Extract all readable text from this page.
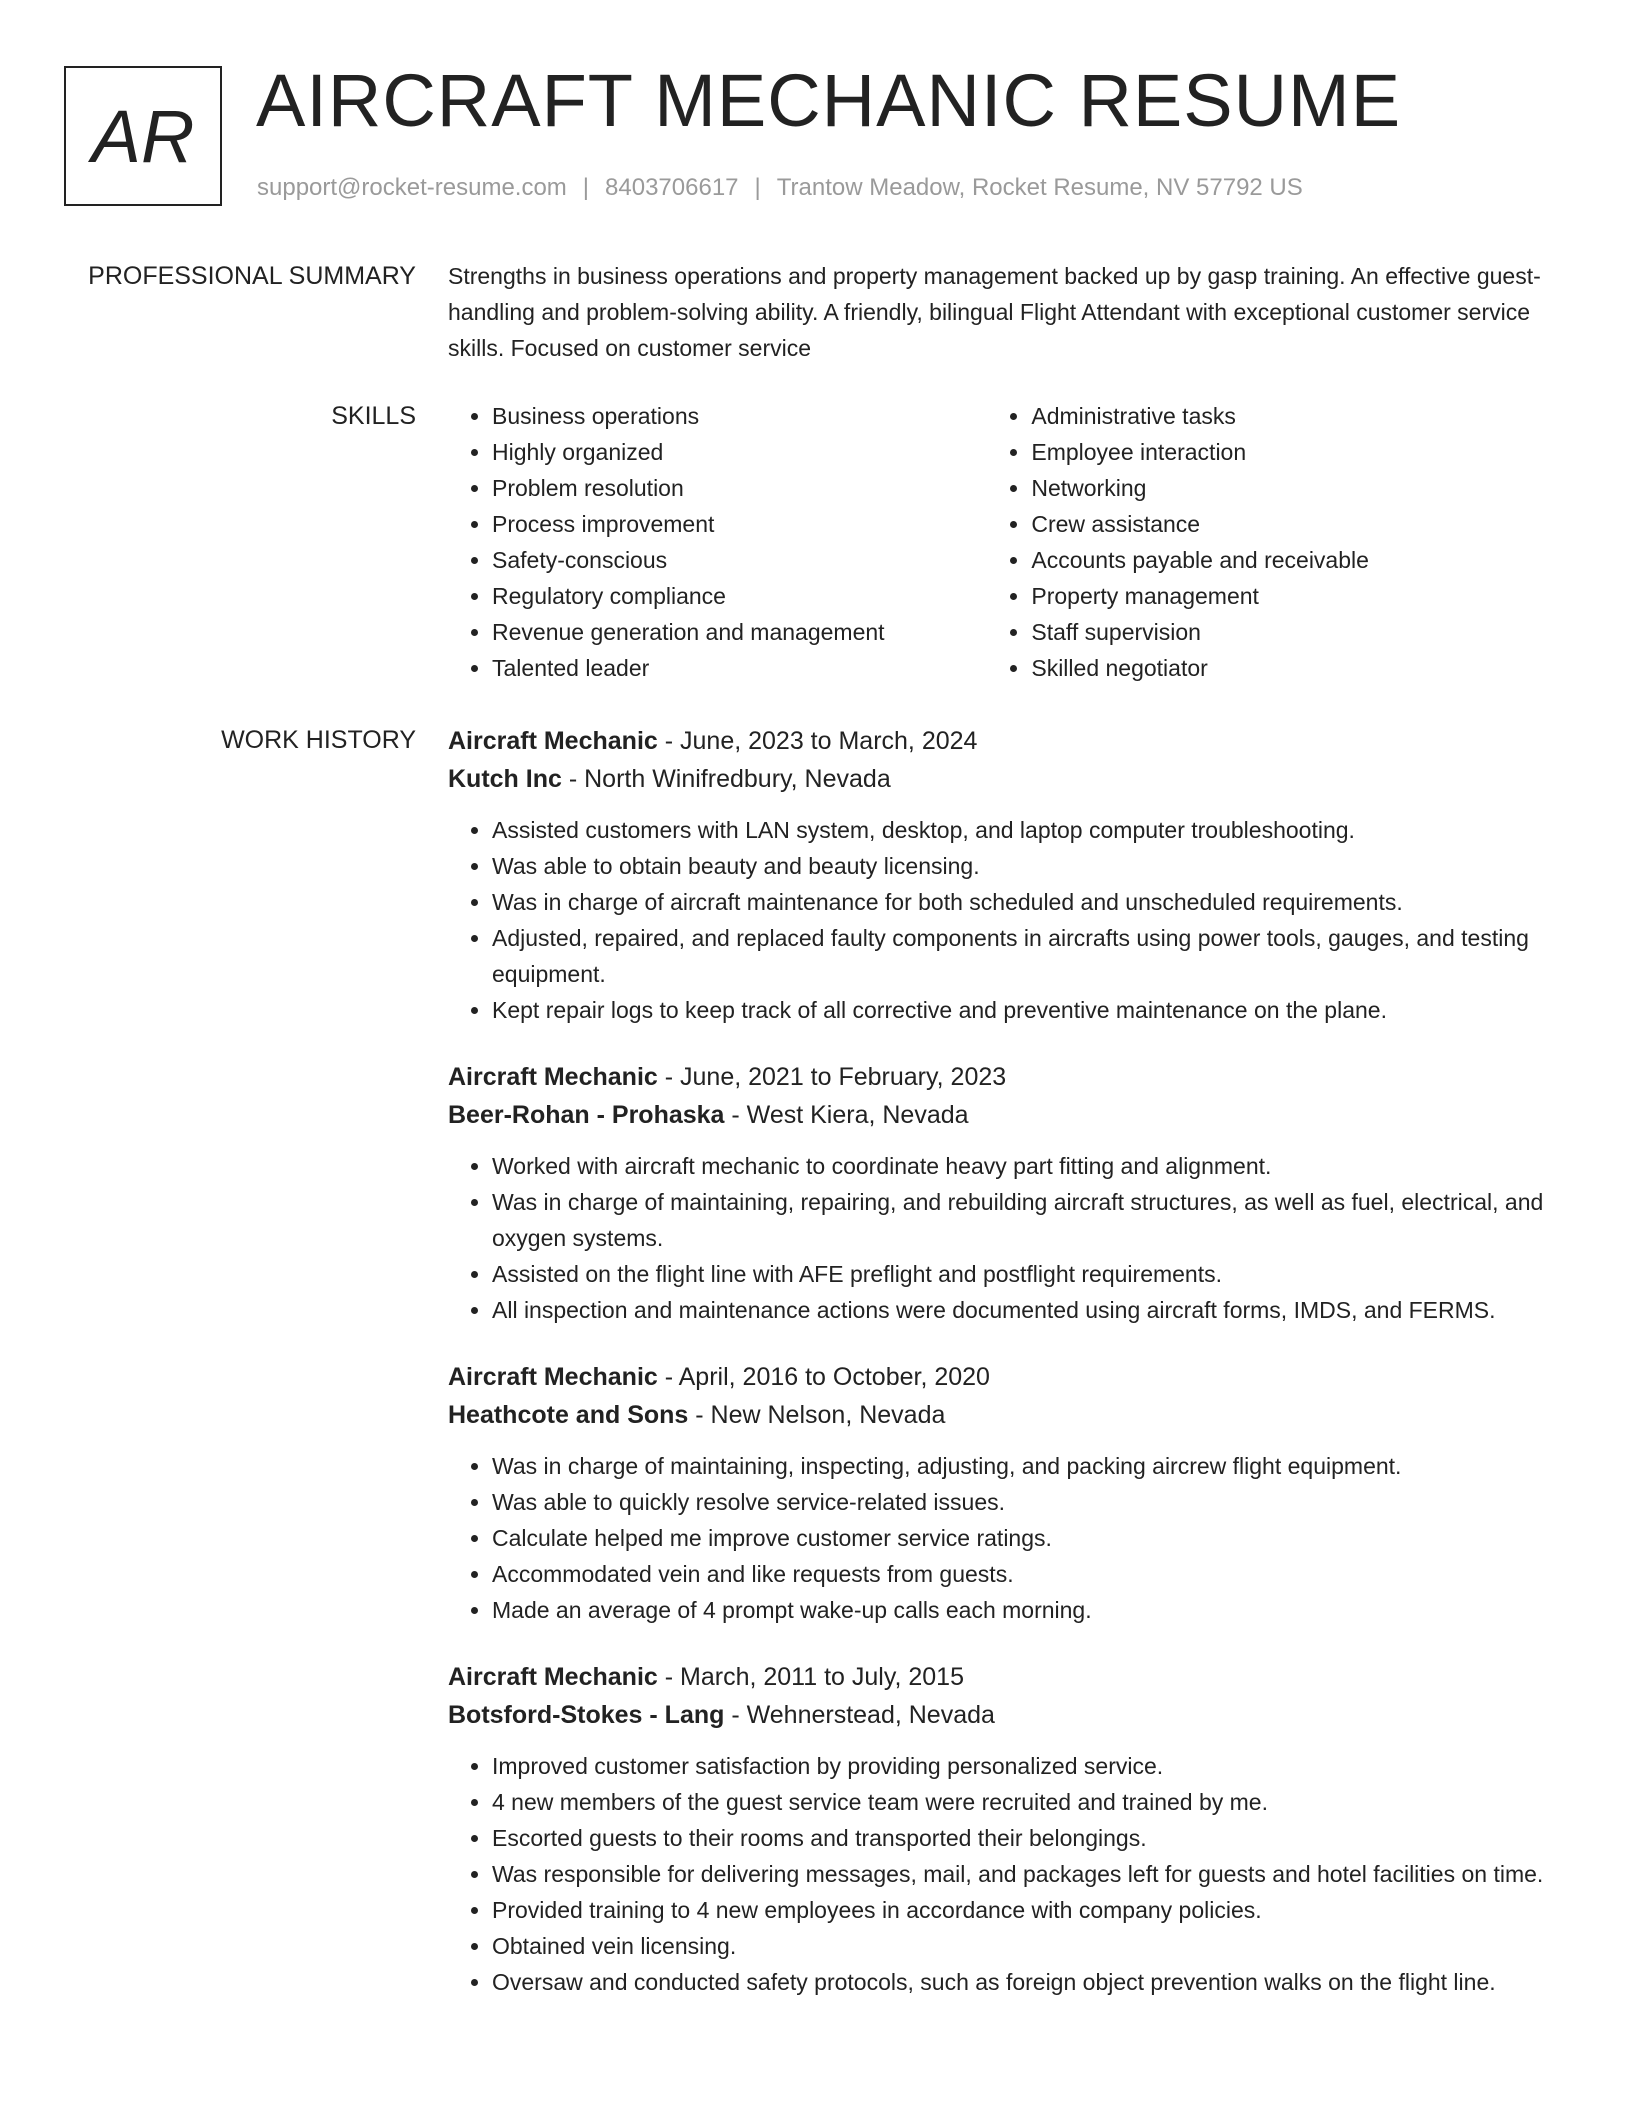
AR AIRCRAFT MECHANIC RESUME
support@rocket-resume.com | 8403706617 | Trantow Meadow, Rocket Resume, NV 57792 US
PROFESSIONAL SUMMARY Strengths in business operations and property management backed up by gasp training. An effective guest-handling and problem-solving ability. A friendly, bilingual Flight Attendant with exceptional customer service skills. Focused on customer service

SKILLS
•	Business operations
• Highly organized
• Problem resolution
• Process improvement
• Safety-conscious
• Regulatory compliance
• Revenue generation and management
• Talented leader
• Administrative tasks
• Employee interaction
• Networking
• Crew assistance
• Accounts payable and receivable
• Property management
• Staff supervision
• Skilled negotiator
WORK HISTORY Aircraft Mechanic - June, 2023 to March, 2024
Kutch Inc - North Winifredbury, Nevada
• Assisted customers with LAN system, desktop, and laptop computer troubleshooting.
• Was able to obtain beauty and beauty licensing.
• Was in charge of aircraft maintenance for both scheduled and unscheduled requirements.
• Adjusted, repaired, and replaced faulty components in aircrafts using power tools, gauges, and testing equipment.
• Kept repair logs to keep track of all corrective and preventive maintenance on the plane.
Aircraft Mechanic - June, 2021 to February, 2023
Beer-Rohan - Prohaska - West Kiera, Nevada
• Worked with aircraft mechanic to coordinate heavy part fitting and alignment.
• Was in charge of maintaining, repairing, and rebuilding aircraft structures, as well as fuel, electrical, and oxygen systems.
• Assisted on the flight line with AFE preflight and postflight requirements.
• All inspection and maintenance actions were documented using aircraft forms, IMDS, and FERMS.
Aircraft Mechanic - April, 2016 to October, 2020
Heathcote and Sons - New Nelson, Nevada
• Was in charge of maintaining, inspecting, adjusting, and packing aircrew flight equipment.
• Was able to quickly resolve service-related issues.
• Calculate helped me improve customer service ratings.
• Accommodated vein and like requests from guests.
• Made an average of 4 prompt wake-up calls each morning.
Aircraft Mechanic - March, 2011 to July, 2015
Botsford-Stokes - Lang - Wehnerstead, Nevada
• Improved customer satisfaction by providing personalized service.
• 4 new members of the guest service team were recruited and trained by me.
• Escorted guests to their rooms and transported their belongings.
• Was responsible for delivering messages, mail, and packages left for guests and hotel facilities on time.
• Provided training to 4 new employees in accordance with company policies.
• Obtained vein licensing.
• Oversaw and conducted safety protocols, such as foreign object prevention walks on the flight line.
